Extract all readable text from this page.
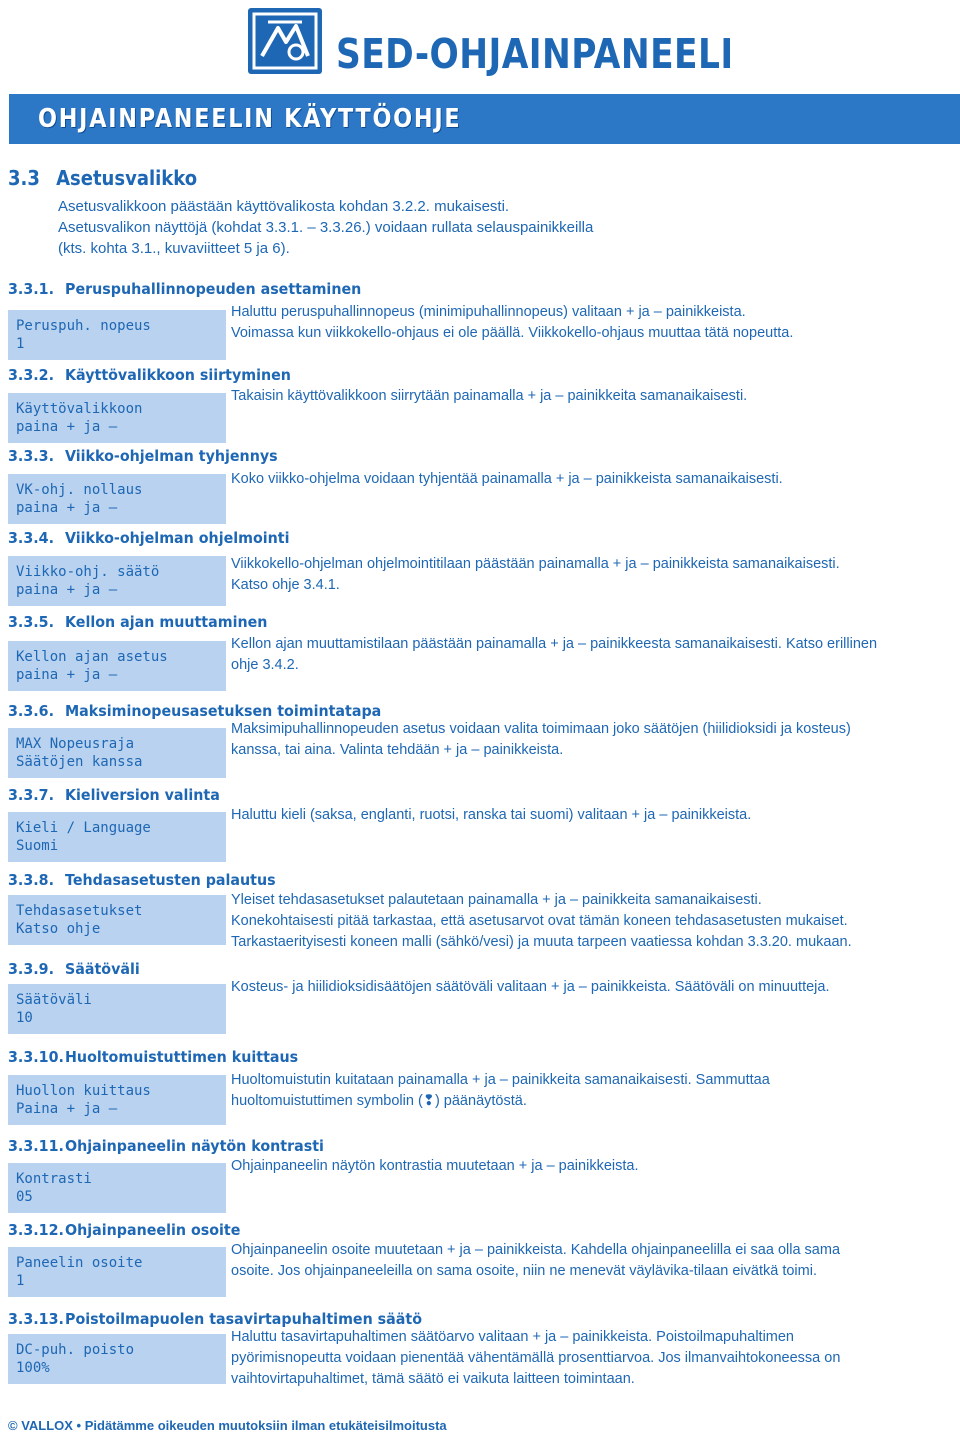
SED-OHJAINPANEELI
OHJAINPANEELIN KÄYTTÖOHJE
3.3 Asetusvalikko
Asetusvalikkoon päästään käyttövalikosta kohdan 3.2.2. mukaisesti.
Asetusvalikon näyttöjä (kohdat 3.3.1. – 3.3.26.) voidaan rullata selauspainikkeilla
(kts. kohta 3.1., kuvaviitteet 5 ja 6).
3.3.1. Peruspuhallinnopeuden asettaminen
Peruspuh. nopeus
1
Haluttu peruspuhallinnopeus (minimipuhallinnopeus) valitaan + ja – painikkeista.
Voimassa kun viikkokello-ohjaus ei ole päällä. Viikkokello-ohjaus muuttaa tätä nopeutta.
3.3.2. Käyttövalikkoon siirtyminen
Käyttövalikkoon
paina + ja –
Takaisin käyttövalikkoon siirrytään painamalla + ja – painikkeita samanaikaisesti.
3.3.3. Viikko-ohjelman tyhjennys
VK-ohj. nollaus
paina + ja –
Koko viikko-ohjelma voidaan tyhjentää painamalla + ja – painikkeista samanaikaisesti.
3.3.4. Viikko-ohjelman ohjelmointi
Viikko-ohj. säätö
paina + ja –
Viikkokello-ohjelman ohjelmointitilaan päästään painamalla + ja – painikkeista samanaikaisesti.
Katso ohje 3.4.1.
3.3.5. Kellon ajan muuttaminen
Kellon ajan asetus
paina + ja –
Kellon ajan muuttamistilaan päästään painamalla + ja – painikkeesta samanaikaisesti. Katso erillinen
ohje 3.4.2.
3.3.6. Maksiminopeusasetuksen toimintatapa
MAX Nopeusraja
Säätöjen kanssa
Maksimipuhallinnopeuden asetus voidaan valita toimimaan joko säätöjen (hiilidioksidi ja kosteus)
kanssa, tai aina. Valinta tehdään + ja – painikkeista.
3.3.7. Kieliversion valinta
Kieli / Language
Suomi
Haluttu kieli (saksa, englanti, ruotsi, ranska tai suomi) valitaan + ja – painikkeista.
3.3.8. Tehdasasetusten palautus
Tehdasasetukset
Katso ohje
Yleiset tehdasasetukset palautetaan painamalla + ja – painikkeita samanaikaisesti.
Konekohtaisesti pitää tarkastaa, että asetusarvot ovat tämän koneen tehdasasetusten mukaiset.
Tarkastaerityisesti koneen malli (sähkö/vesi) ja muuta tarpeen vaatiessa kohdan 3.3.20. mukaan.
3.3.9. Säätöväli
Säätöväli
10
Kosteus- ja hiilidioksidisäätöjen säätöväli valitaan + ja – painikkeista. Säätöväli on minuutteja.
3.3.10.Huoltomuistuttimen kuittaus
Huollon kuittaus
Paina + ja –
Huoltomuistutin kuitataan painamalla + ja – painikkeita samanaikaisesti. Sammuttaa
huoltomuistuttimen symbolin (❢) päänäytöstä.
3.3.11.Ohjainpaneelin näytön kontrasti
Kontrasti
05
Ohjainpaneelin näytön kontrastia muutetaan + ja – painikkeista.
3.3.12.Ohjainpaneelin osoite
Paneelin osoite
1
Ohjainpaneelin osoite muutetaan + ja – painikkeista. Kahdella ohjainpaneelilla ei saa olla sama
osoite. Jos ohjainpaneeleilla on sama osoite, niin ne menevät väylävika-tilaan eivätkä toimi.
3.3.13.Poistoilmapuolen tasavirtapuhaltimen säätö
DC-puh. poisto
100%
Haluttu tasavirtapuhaltimen säätöarvo valitaan + ja – painikkeista. Poistoilmapuhaltimen
pyörimisnopeutta voidaan pienentää vähentämällä prosenttiarvoa. Jos ilmanvaihtokoneessa on
vaihtovirtapuhaltimet, tämä säätö ei vaikuta laitteen toimintaan.
© VALLOX • Pidätämme oikeuden muutoksiin ilman etukäteisilmoitusta
